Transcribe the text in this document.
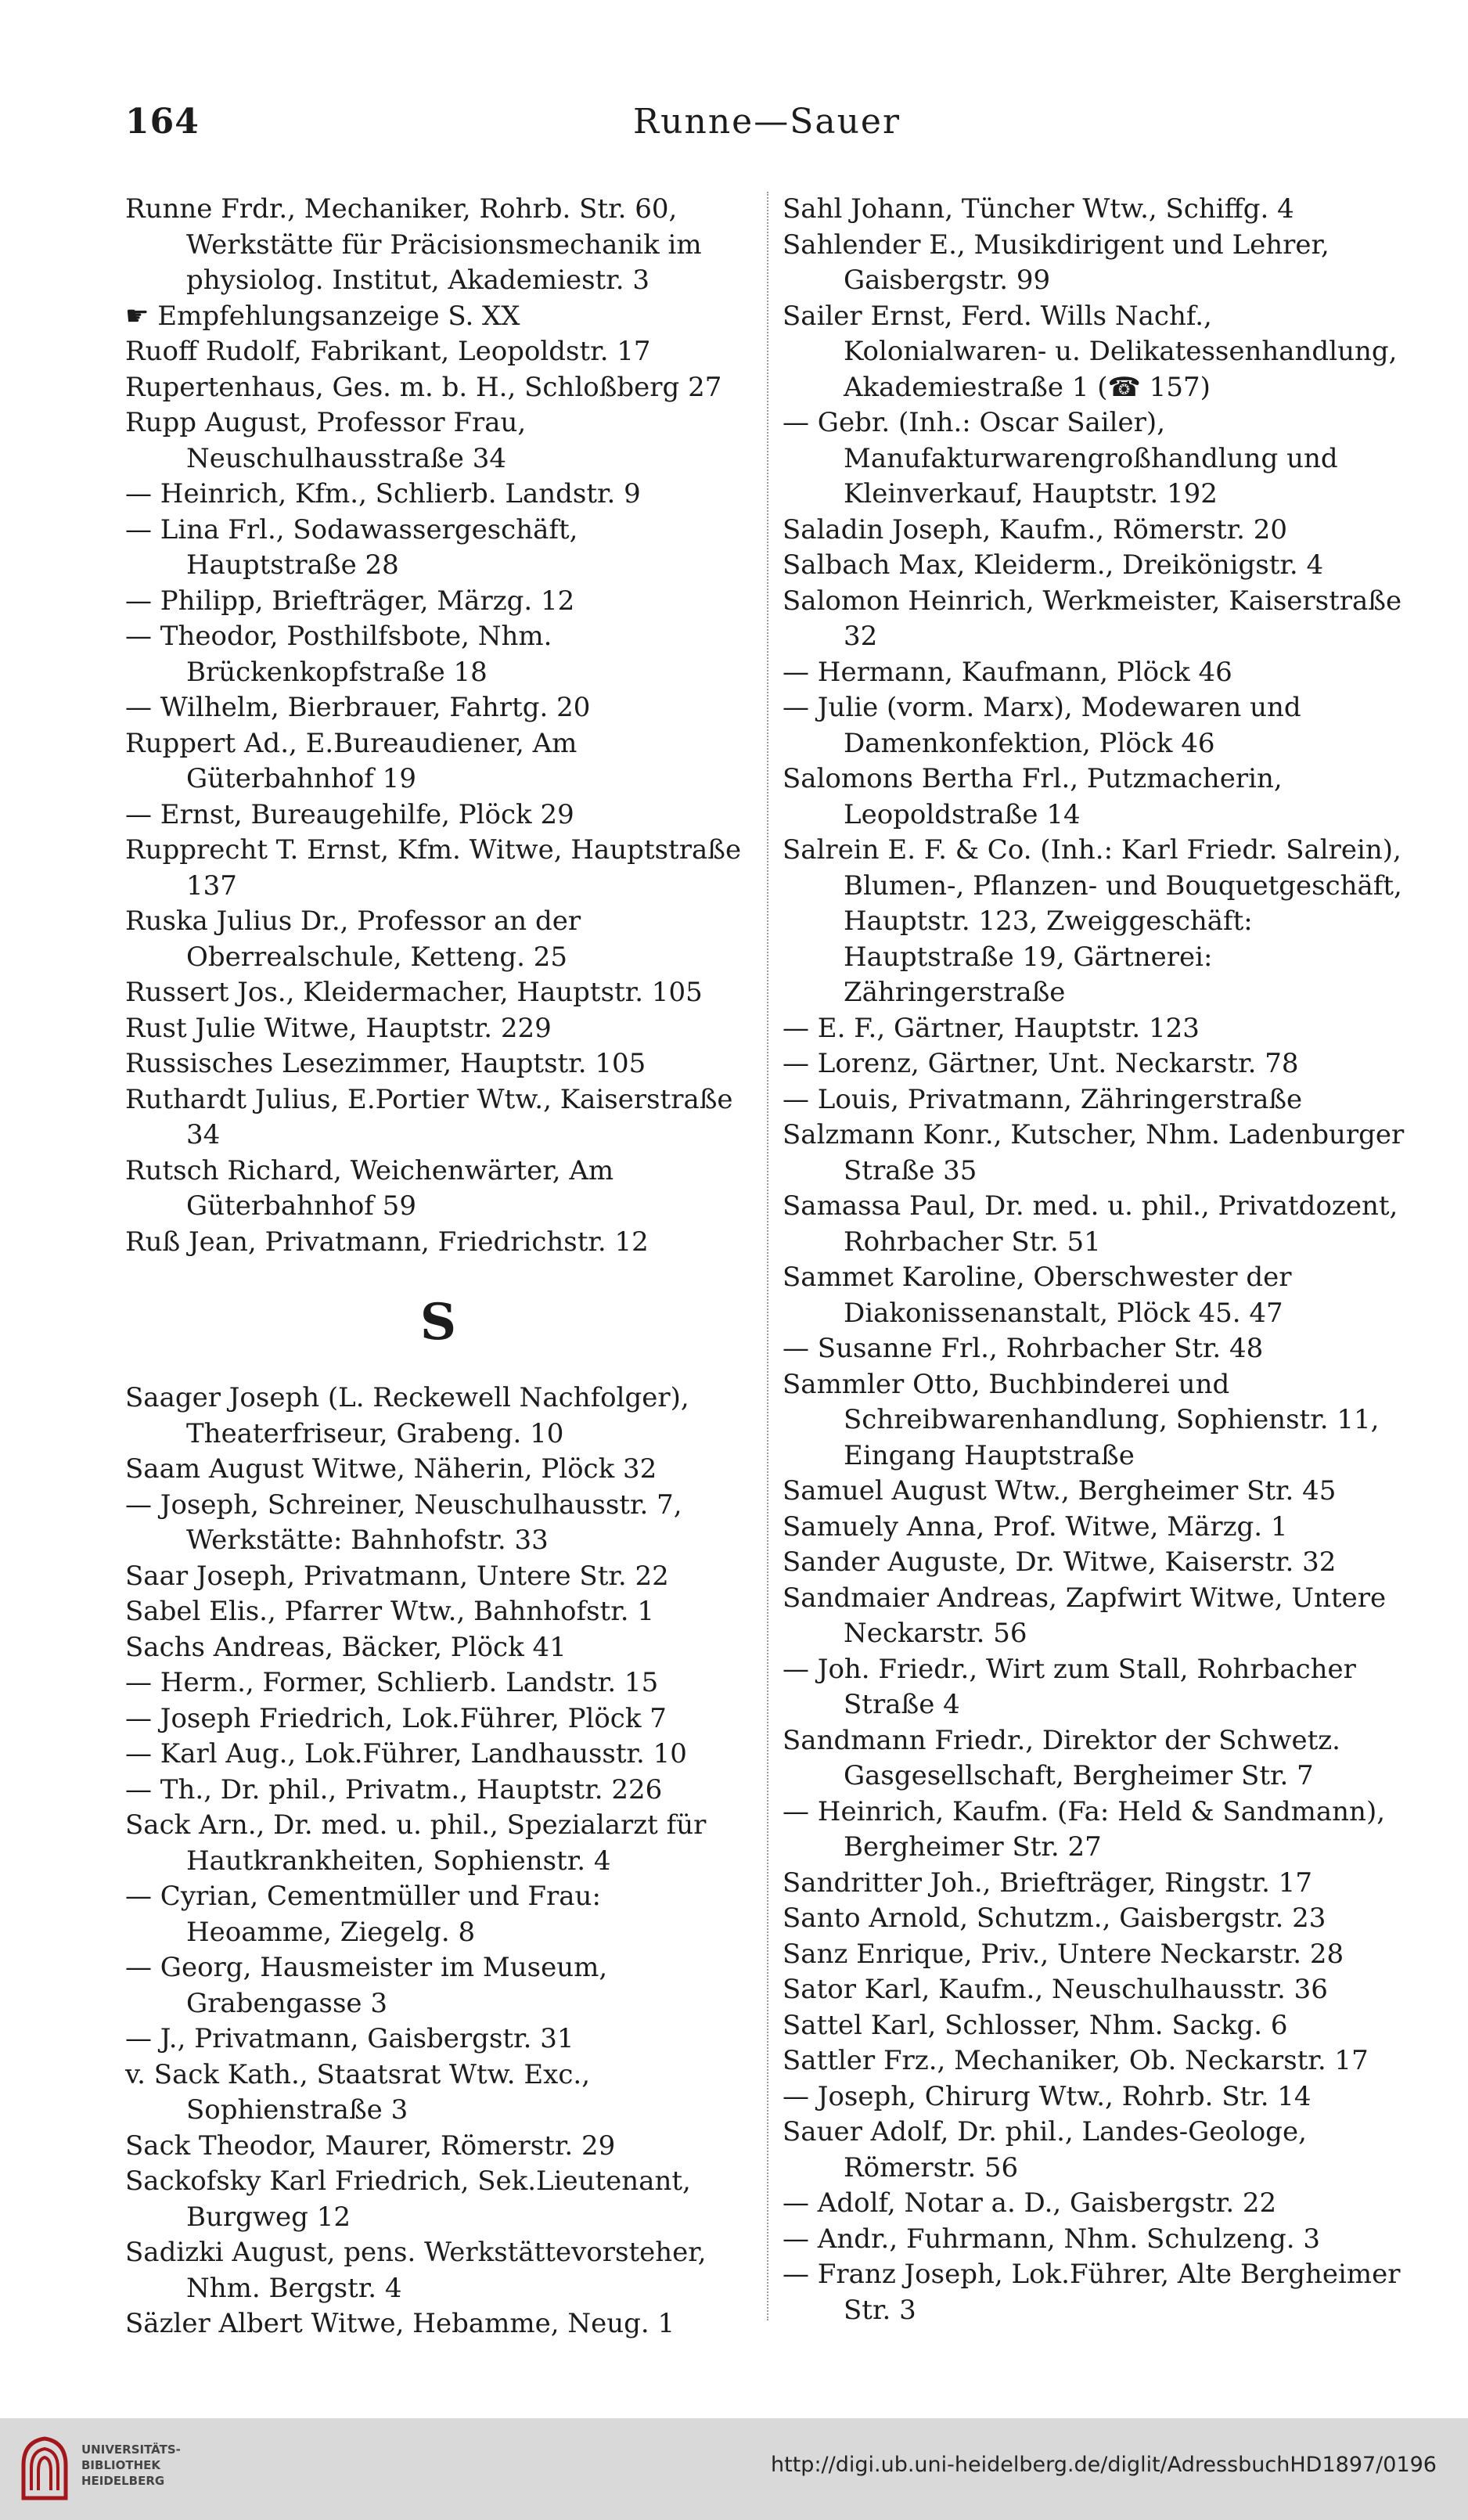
164	Runne—Sauer
Runne Frdr., Mechaniker, Rohrb. Str. 60, Werkstätte für Präcisionsmechanik im physiolog. Institut, Akademiestr. 3
☛ Empfehlungsanzeige S. XX
Ruoff Rudolf, Fabrikant, Leopoldstr. 17
Rupertenhaus, Ges. m. b. H., Schloßberg 27
Rupp August, Professor Frau, Neuschulhausstraße 34
— Heinrich, Kfm., Schlierb. Landstr. 9
— Lina Frl., Sodawassergeschäft, Hauptstraße 28
— Philipp, Briefträger, Märzg. 12
— Theodor, Posthilfsbote, Nhm. Brückenkopfstraße 18
— Wilhelm, Bierbrauer, Fahrtg. 20
Ruppert Ad., E.Bureaudiener, Am Güterbahnhof 19
— Ernst, Bureaugehilfe, Plöck 29
Rupprecht T. Ernst, Kfm. Witwe, Hauptstraße 137
Ruska Julius Dr., Professor an der Oberrealschule, Ketteng. 25
Russert Jos., Kleidermacher, Hauptstr. 105
Rust Julie Witwe, Hauptstr. 229
Russisches Lesezimmer, Hauptstr. 105
Ruthardt Julius, E.Portier Wtw., Kaiserstraße 34
Rutsch Richard, Weichenwärter, Am Güterbahnhof 59
Ruß Jean, Privatmann, Friedrichstr. 12
S
Saager Joseph (L. Reckewell Nachfolger), Theaterfriseur, Grabeng. 10
Saam August Witwe, Näherin, Plöck 32
— Joseph, Schreiner, Neuschulhausstr. 7, Werkstätte: Bahnhofstr. 33
Saar Joseph, Privatmann, Untere Str. 22
Sabel Elis., Pfarrer Wtw., Bahnhofstr. 1
Sachs Andreas, Bäcker, Plöck 41
— Herm., Former, Schlierb. Landstr. 15
— Joseph Friedrich, Lok.Führer, Plöck 7
— Karl Aug., Lok.Führer, Landhausstr. 10
— Th., Dr. phil., Privatm., Hauptstr. 226
Sack Arn., Dr. med. u. phil., Spezialarzt für Hautkrankheiten, Sophienstr. 4
— Cyrian, Cementmüller und Frau: Heoamme, Ziegelg. 8
— Georg, Hausmeister im Museum, Grabengasse 3
— J., Privatmann, Gaisbergstr. 31
v. Sack Kath., Staatsrat Wtw. Exc., Sophienstraße 3
Sack Theodor, Maurer, Römerstr. 29
Sackofsky Karl Friedrich, Sek.Lieutenant, Burgweg 12
Sadizki August, pens. Werkstättevorsteher, Nhm. Bergstr. 4
Säzler Albert Witwe, Hebamme, Neug. 1
Sahl Johann, Tüncher Wtw., Schiffg. 4
Sahlender E., Musikdirigent und Lehrer, Gaisbergstr. 99
Sailer Ernst, Ferd. Wills Nachf., Kolonialwaren- u. Delikatessenhandlung, Akademiestraße 1 (☎ 157)
— Gebr. (Inh.: Oscar Sailer), Manufakturwarengroßhandlung und Kleinverkauf, Hauptstr. 192
Saladin Joseph, Kaufm., Römerstr. 20
Salbach Max, Kleiderm., Dreikönigstr. 4
Salomon Heinrich, Werkmeister, Kaiserstraße 32
— Hermann, Kaufmann, Plöck 46
— Julie (vorm. Marx), Modewaren und Damenkonfektion, Plöck 46
Salomons Bertha Frl., Putzmacherin, Leopoldstraße 14
Salrein E. F. & Co. (Inh.: Karl Friedr. Salrein), Blumen-, Pflanzen- und Bouquetgeschäft, Hauptstr. 123, Zweiggeschäft: Hauptstraße 19, Gärtnerei: Zähringerstraße
— E. F., Gärtner, Hauptstr. 123
— Lorenz, Gärtner, Unt. Neckarstr. 78
— Louis, Privatmann, Zähringerstraße
Salzmann Konr., Kutscher, Nhm. Ladenburger Straße 35
Samassa Paul, Dr. med. u. phil., Privatdozent, Rohrbacher Str. 51
Sammet Karoline, Oberschwester der Diakonissenanstalt, Plöck 45. 47
— Susanne Frl., Rohrbacher Str. 48
Sammler Otto, Buchbinderei und Schreibwarenhandlung, Sophienstr. 11, Eingang Hauptstraße
Samuel August Wtw., Bergheimer Str. 45
Samuely Anna, Prof. Witwe, Märzg. 1
Sander Auguste, Dr. Witwe, Kaiserstr. 32
Sandmaier Andreas, Zapfwirt Witwe, Untere Neckarstr. 56
— Joh. Friedr., Wirt zum Stall, Rohrbacher Straße 4
Sandmann Friedr., Direktor der Schwetz. Gasgesellschaft, Bergheimer Str. 7
— Heinrich, Kaufm. (Fa: Held & Sandmann), Bergheimer Str. 27
Sandritter Joh., Briefträger, Ringstr. 17
Santo Arnold, Schutzm., Gaisbergstr. 23
Sanz Enrique, Priv., Untere Neckarstr. 28
Sator Karl, Kaufm., Neuschulhausstr. 36
Sattel Karl, Schlosser, Nhm. Sackg. 6
Sattler Frz., Mechaniker, Ob. Neckarstr. 17
— Joseph, Chirurg Wtw., Rohrb. Str. 14
Sauer Adolf, Dr. phil., Landes-Geologe, Römerstr. 56
— Adolf, Notar a. D., Gaisbergstr. 22
— Andr., Fuhrmann, Nhm. Schulzeng. 3
— Franz Joseph, Lok.Führer, Alte Bergheimer Str. 3
UNIVERSITÄTS-
BIBLIOTHEK
HEIDELBERG
http://digi.ub.uni-heidelberg.de/diglit/AdressbuchHD1897/0196
